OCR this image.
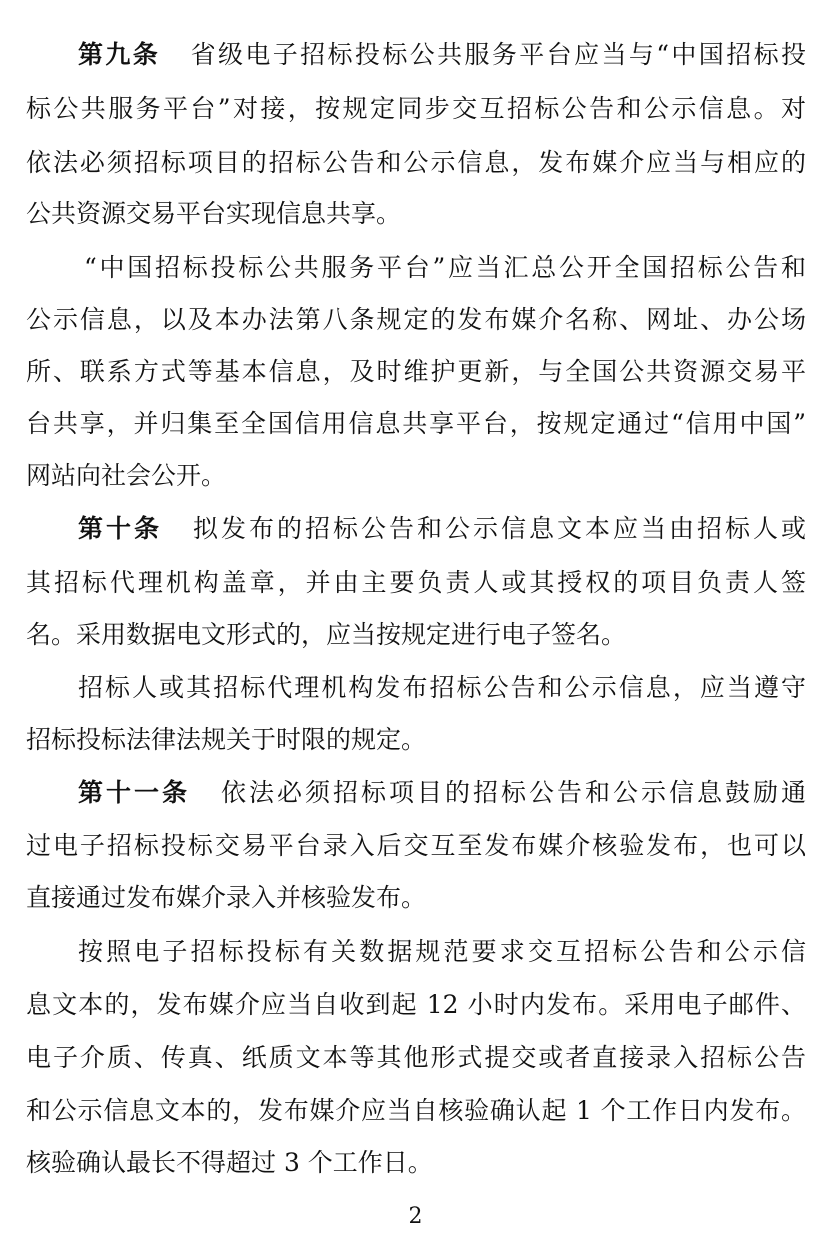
第九条 省级电子招标投标公共服务平台应当与“中国招标投
标公共服务平台”对接，按规定同步交互招标公告和公示信息。对
依法必须招标项目的招标公告和公示信息，发布媒介应当与相应的
公共资源交易平台实现信息共享。
“中国招标投标公共服务平台”应当汇总公开全国招标公告和
公示信息，以及本办法第八条规定的发布媒介名称、网址、办公场
所、联系方式等基本信息，及时维护更新，与全国公共资源交易平
台共享，并归集至全国信用信息共享平台，按规定通过“信用中国”
网站向社会公开。
第十条 拟发布的招标公告和公示信息文本应当由招标人或
其招标代理机构盖章，并由主要负责人或其授权的项目负责人签
名。采用数据电文形式的，应当按规定进行电子签名。
招标人或其招标代理机构发布招标公告和公示信息，应当遵守
招标投标法律法规关于时限的规定。
第十一条 依法必须招标项目的招标公告和公示信息鼓励通
过电子招标投标交易平台录入后交互至发布媒介核验发布，也可以
直接通过发布媒介录入并核验发布。
按照电子招标投标有关数据规范要求交互招标公告和公示信
息文本的，发布媒介应当自收到起 12 小时内发布。采用电子邮件、
电子介质、传真、纸质文本等其他形式提交或者直接录入招标公告
和公示信息文本的，发布媒介应当自核验确认起 1 个工作日内发布。
核验确认最长不得超过 3 个工作日。
2
